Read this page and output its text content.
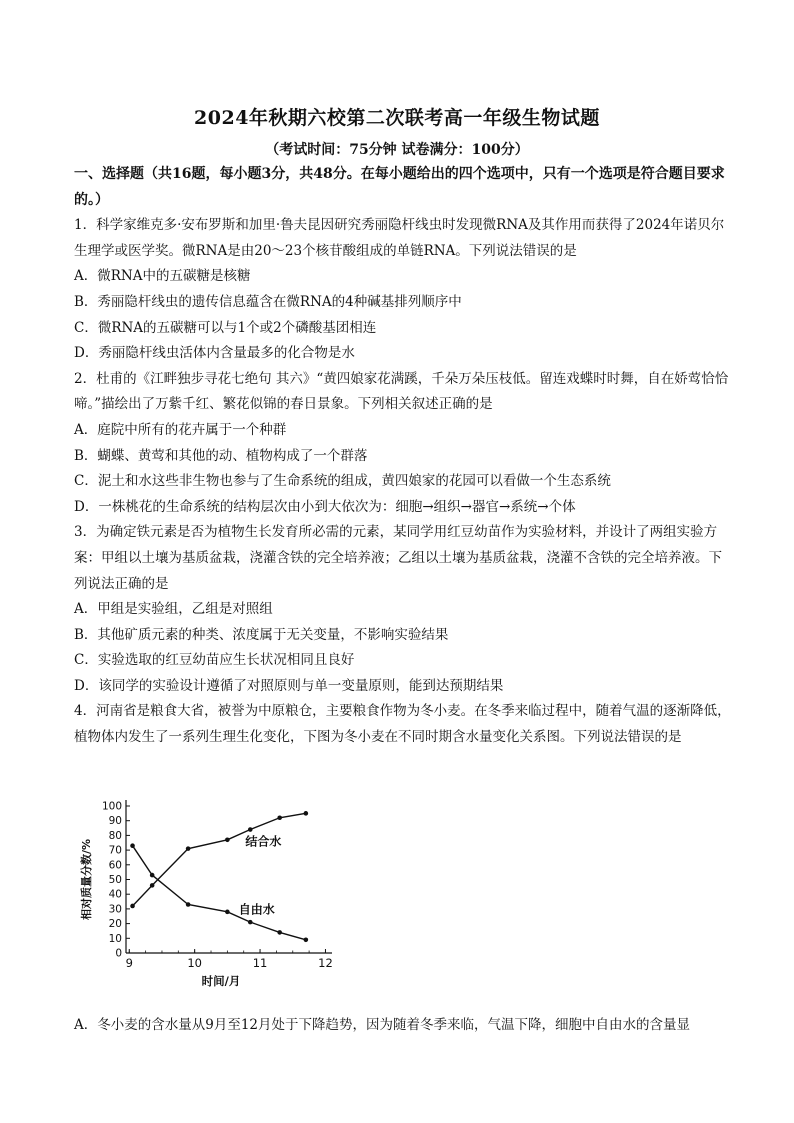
2024年秋期六校第二次联考高一年级生物试题
（考试时间：75分钟 试卷满分：100分）

一、选择题（共16题，每小题3分，共48分。在每小题给出的四个选项中，只有一个选项是符合题目要求的。）

1．科学家维克多·安布罗斯和加里·鲁夫昆因研究秀丽隐杆线虫时发现微RNA及其作用而获得了2024年诺贝尔生理学或医学奖。微RNA是由20～23个核苷酸组成的单链RNA。下列说法错误的是

A．微RNA中的五碳糖是核糖

B．秀丽隐杆线虫的遗传信息蕴含在微RNA的4种碱基排列顺序中

C．微RNA的五碳糖可以与1个或2个磷酸基团相连

D．秀丽隐杆线虫活体内含量最多的化合物是水

2．杜甫的《江畔独步寻花七绝句 其六》“黄四娘家花满蹊，千朵万朵压枝低。留连戏蝶时时舞，自在娇莺恰恰啼。”描绘出了万紫千红、繁花似锦的春日景象。下列相关叙述正确的是

A．庭院中所有的花卉属于一个种群

B．蝴蝶、黄莺和其他的动、植物构成了一个群落

C．泥土和水这些非生物也参与了生命系统的组成，黄四娘家的花园可以看做一个生态系统

D．一株桃花的生命系统的结构层次由小到大依次为：细胞→组织→器官→系统→个体

3．为确定铁元素是否为植物生长发育所必需的元素，某同学用红豆幼苗作为实验材料，并设计了两组实验方案：甲组以土壤为基质盆栽，浇灌含铁的完全培养液；乙组以土壤为基质盆栽，浇灌不含铁的完全培养液。下列说法正确的是

A．甲组是实验组，乙组是对照组

B．其他矿质元素的种类、浓度属于无关变量，不影响实验结果

C．实验选取的红豆幼苗应生长状况相同且良好

D．该同学的实验设计遵循了对照原则与单一变量原则，能到达预期结果

4．河南省是粮食大省，被誉为中原粮仓，主要粮食作物为冬小麦。在冬季来临过程中，随着气温的逐渐降低，植物体内发生了一系列生理生化变化，下图为冬小麦在不同时期含水量变化关系图。下列说法错误的是

0
10
20
30
40
50
60
70
80
90
100
9	10	11	12
时间/月
相对质量分数/%	结合水
自由水
A．冬小麦的含水量从9月至12月处于下降趋势，因为随着冬季来临，气温下降，细胞中自由水的含量显
